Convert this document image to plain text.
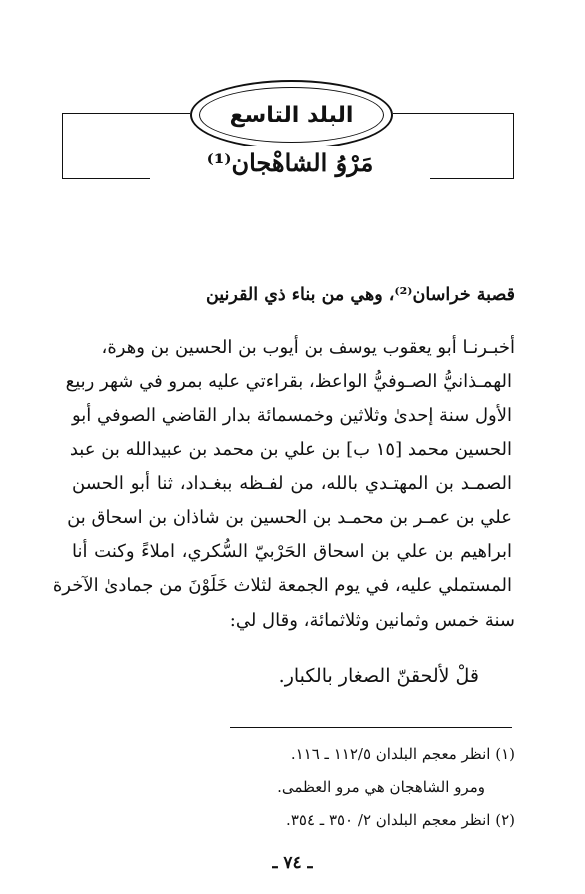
البلد التاسع
مَرْوُ الشاهْجان⁽¹⁾
قصبة خراسان⁽²⁾، وهي من بناء ذي القرنين
أخبـرنـا أبو يعقوب يوسف بن أيوب بن الحسين بن وهرة،
الهمـذانيُّ الصـوفيُّ الواعظ، بقراءتي عليه بمرو في شهر ربيع
الأول سنة إحدىٰ وثلاثين وخمسمائة بدار القاضي الصوفي أبو
الحسين محمد [١٥ ب] بن علي بن محمد بن عبيدالله بن عبد
الصمـد بن المهتـدي بالله، من لفـظه ببغـداد، ثنا أبو الحسن
علي بن عمـر بن محمـد بن الحسين بن شاذان بن اسحاق بن
ابراهيم بن علي بن اسحاق الحَرْبيّ السُّكري، املاءً وكنت أنا
المستملي عليه، في يوم الجمعة لثلاث خَلَوْنَ من جمادىٰ الآخرة
سنة خمس وثمانين وثلاثمائة، وقال لي:
قلْ لألحقنّ الصغار بالكبار.
(١) انظر معجم البلدان ١١٢/٥ ـ ١١٦.
ومرو الشاهجان هي مرو العظمى.
(٢) انظر معجم البلدان ٢/ ٣٥٠ ـ ٣٥٤.
ـ ٧٤ ـ
